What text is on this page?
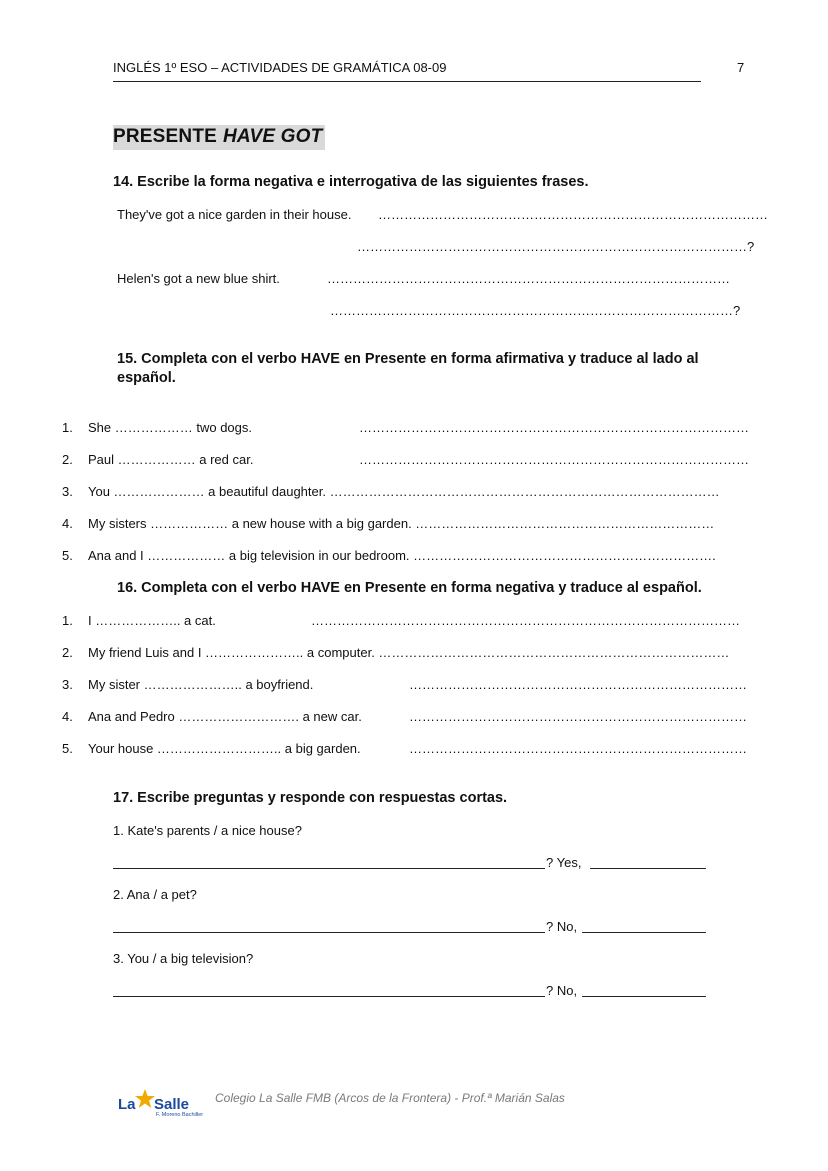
INGLÉS 1º ESO – ACTIVIDADES DE GRAMÁTICA 08-09	7
PRESENTE HAVE GOT
14. Escribe la forma negativa e interrogativa de las siguientes frases.
They've got a nice garden in their house. ………………………………………………………………………………
………………………………………………………………………………?
Helen's got a new blue shirt.	…………………………………………………………………………………
…………………………………………………………………………………?
15. Completa con el verbo HAVE en Presente en forma afirmativa y traduce al lado al
español.
1. She ……………… two dogs.	………………………………………………………………………………
2. Paul ……………… a red car.	………………………………………………………………………………
3. You ………………… a beautiful daughter. ………………………………………………………………………………
4. My sisters ……………… a new house with a big garden. ……………………………………………………………
5. Ana and I ……………… a big television in our bedroom. …………………………………………………………….
16. Completa con el verbo HAVE en Presente en forma negativa y traduce al español.
1. I ……………….. a cat.	………………………………………………………………………………………
2. My friend Luis and I ………………….. a computer. ………………………………………………………………………
3. My sister ………………….. a boyfriend.	……………………………………………………………………
4. Ana and Pedro ………………………. a new car.	……………………………………………………………………
5. Your house ……………………….. a big garden.	……………………………………………………………………
17. Escribe preguntas y responde con respuestas cortas.
1. Kate's parents / a nice house?
? Yes,
2. Ana / a pet?
? No,
3. You / a big television?
? No,
La Salle
F. Moreno Bachiller
Colegio La Salle FMB (Arcos de la Frontera) - Prof.ª Marián Salas
